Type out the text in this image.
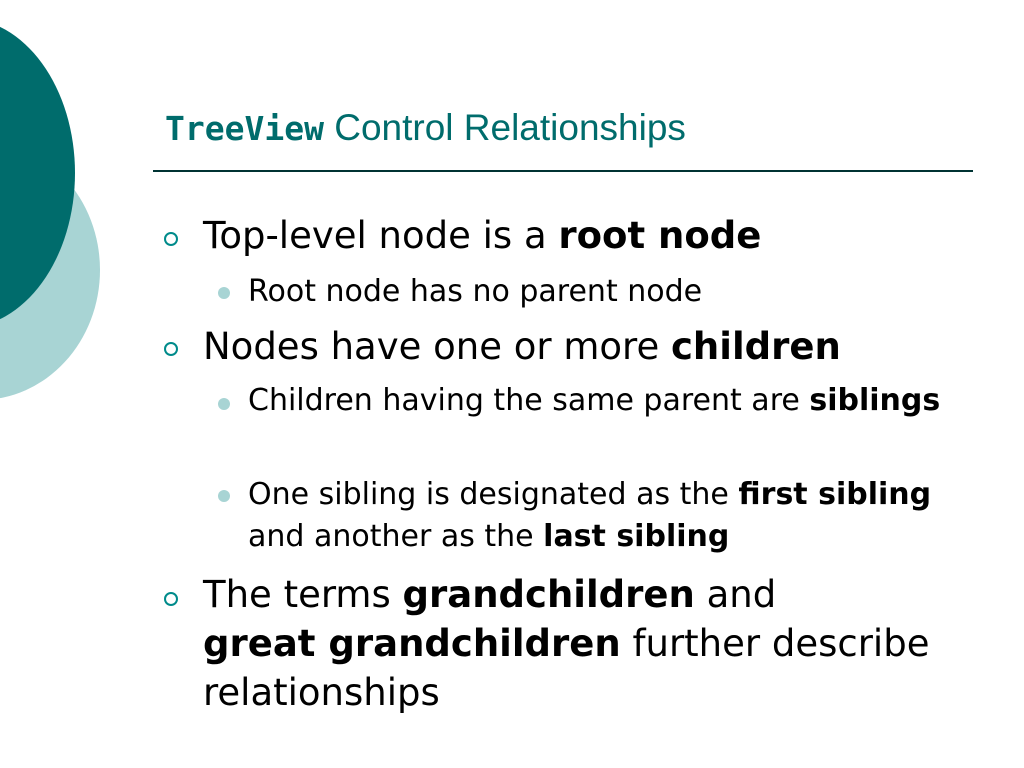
TreeView Control Relationships

Top-level node is a root node

Root node has no parent node

Nodes have one or more children

Children having the same parent are siblings

One sibling is designated as the first sibling and another as the last sibling

The terms grandchildren and
great grandchildren further describe relationships
